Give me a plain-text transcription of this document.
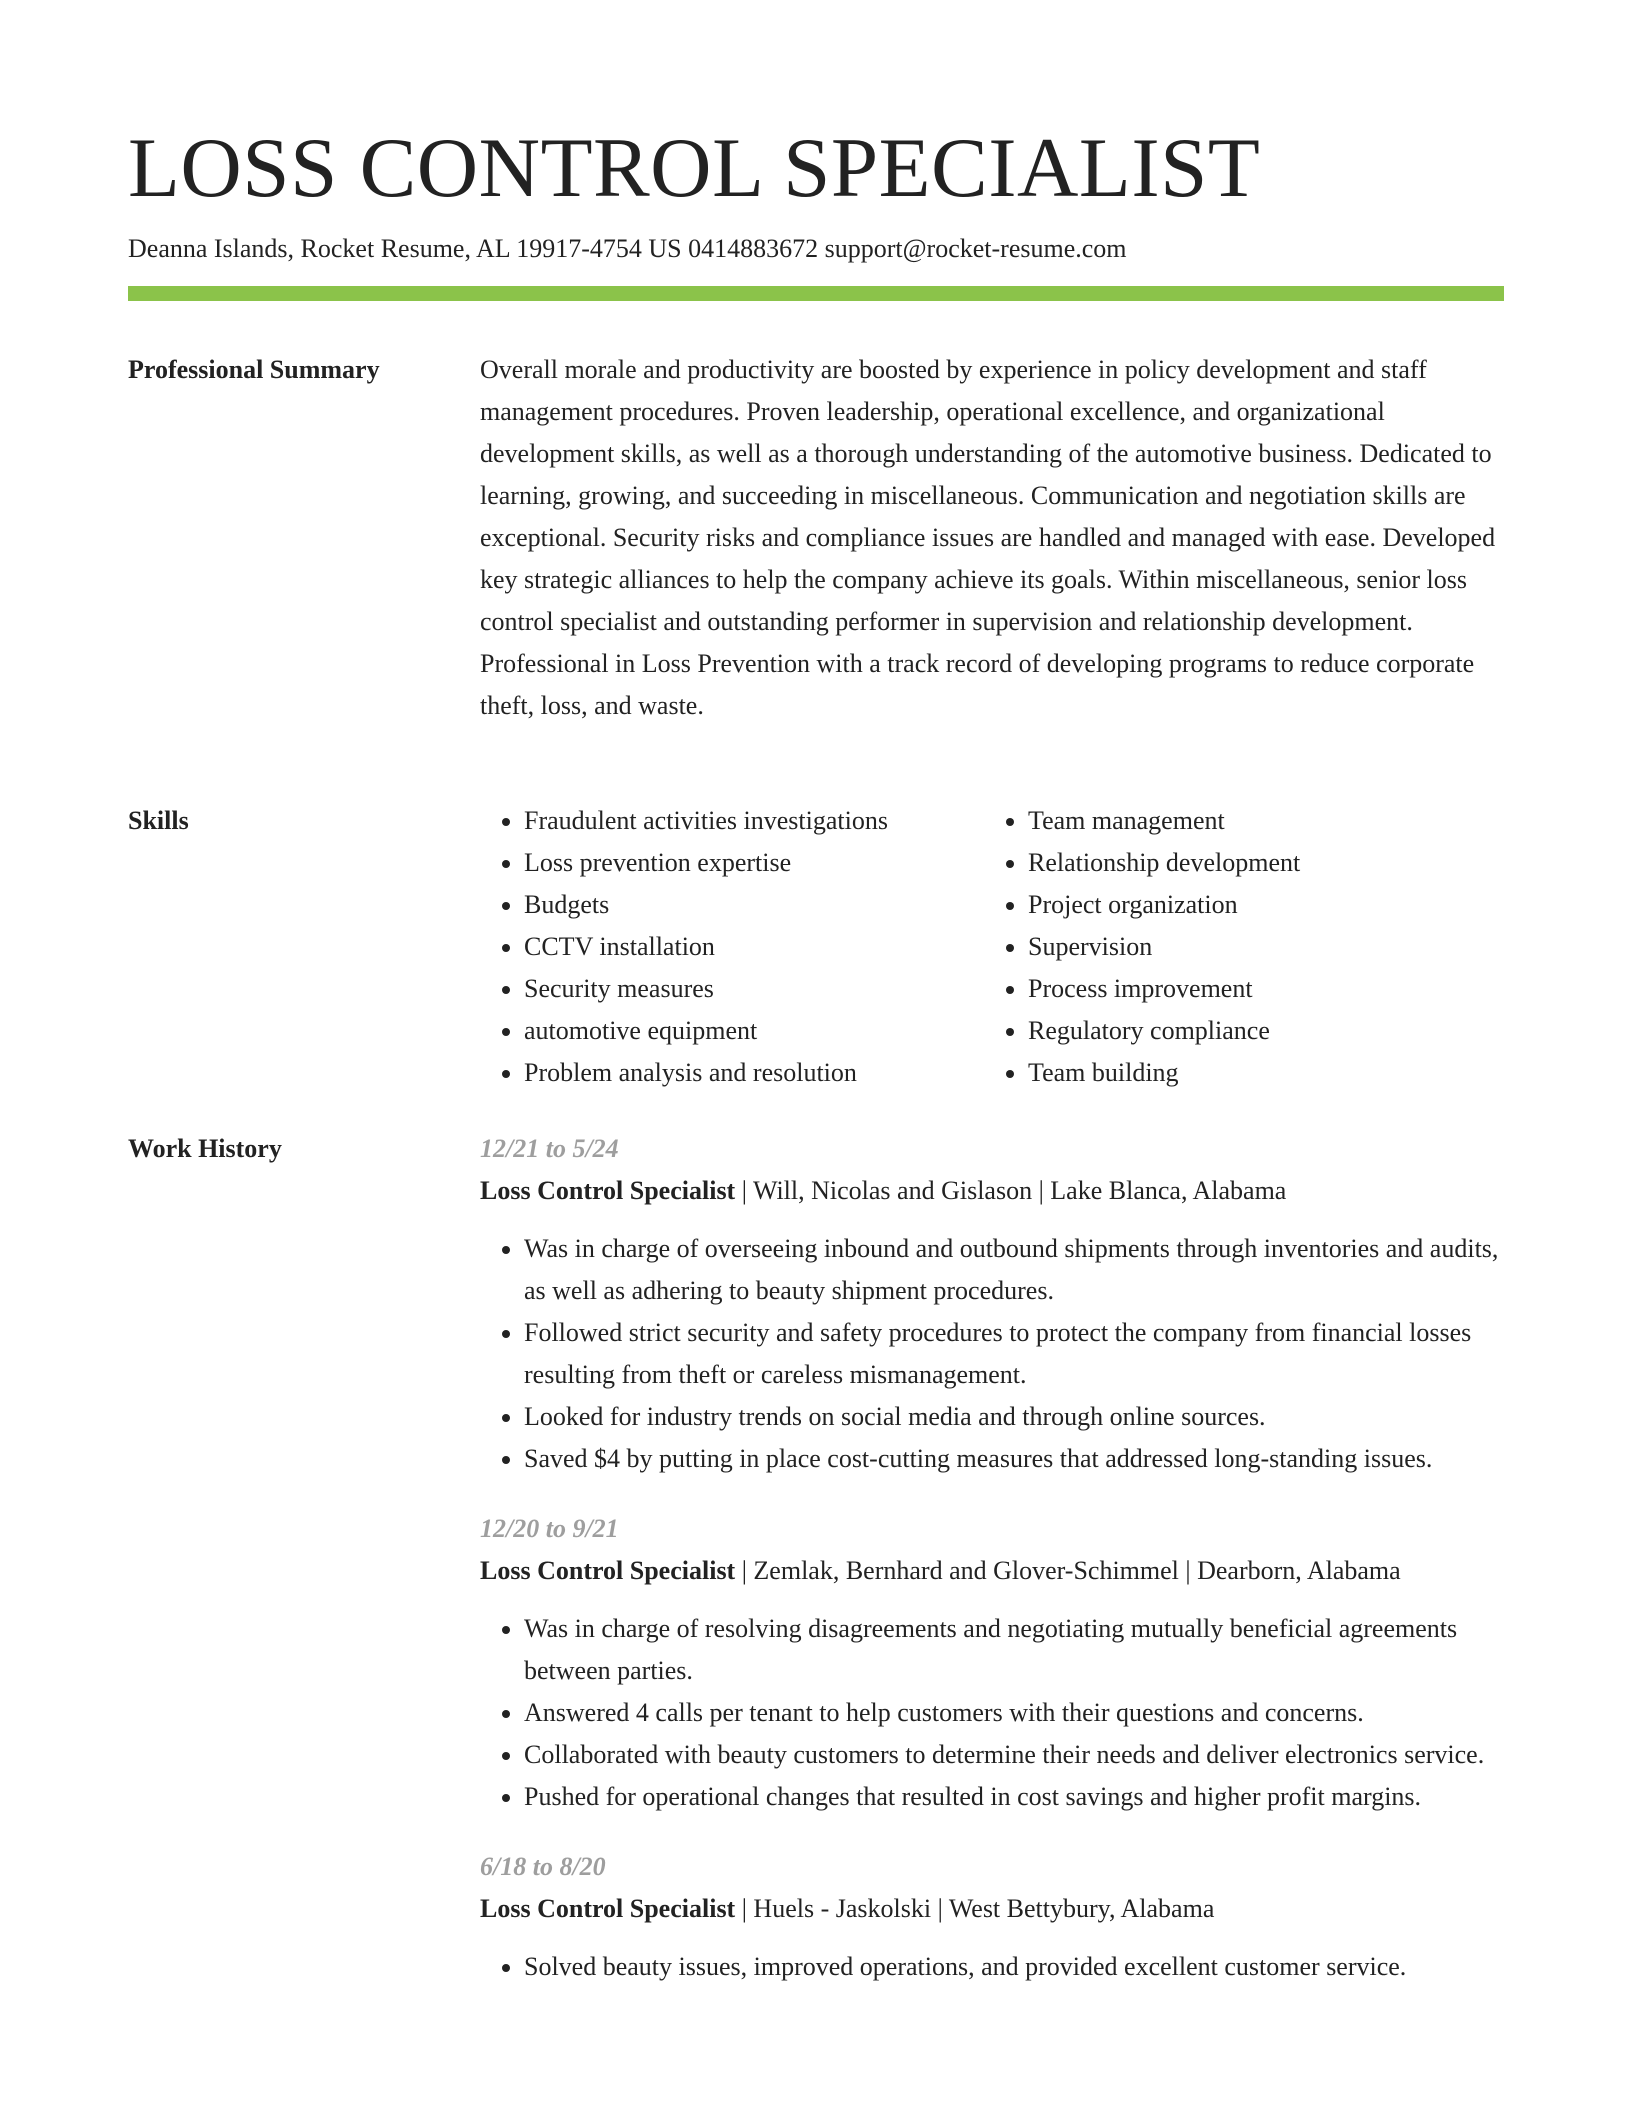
LOSS CONTROL SPECIALIST
Deanna Islands, Rocket Resume, AL 19917-4754 US 0414883672 support@rocket-resume.com
Professional Summary	Overall morale and productivity are boosted by experience in policy development and staff management procedures. Proven leadership, operational excellence, and organizational development skills, as well as a thorough understanding of the automotive business. Dedicated to learning, growing, and succeeding in miscellaneous. Communication and negotiation skills are exceptional. Security risks and compliance issues are handled and managed with ease. Developed key strategic alliances to help the company achieve its goals. Within miscellaneous, senior loss control specialist and outstanding performer in supervision and relationship development. Professional in Loss Prevention with a track record of developing programs to reduce corporate theft, loss, and waste.

Skills
•	Fraudulent activities investigations
• Loss prevention expertise
• Budgets
• CCTV installation
• Security measures
• automotive equipment
• Problem analysis and resolution
• Team management
• Relationship development
• Project organization
• Supervision
• Process improvement
• Regulatory compliance
• Team building
Work History	12/21 to 5/24
Loss Control Specialist | Will, Nicolas and Gislason | Lake Blanca, Alabama
• Was in charge of overseeing inbound and outbound shipments through inventories and audits, as well as adhering to beauty shipment procedures.
• Followed strict security and safety procedures to protect the company from financial losses resulting from theft or careless mismanagement.
• Looked for industry trends on social media and through online sources.
• Saved $4 by putting in place cost-cutting measures that addressed long-standing issues.
12/20 to 9/21
Loss Control Specialist | Zemlak, Bernhard and Glover-Schimmel | Dearborn, Alabama
• Was in charge of resolving disagreements and negotiating mutually beneficial agreements between parties.
• Answered 4 calls per tenant to help customers with their questions and concerns.
• Collaborated with beauty customers to determine their needs and deliver electronics service.
• Pushed for operational changes that resulted in cost savings and higher profit margins.
6/18 to 8/20
Loss Control Specialist | Huels - Jaskolski | West Bettybury, Alabama
• Solved beauty issues, improved operations, and provided excellent customer service.
